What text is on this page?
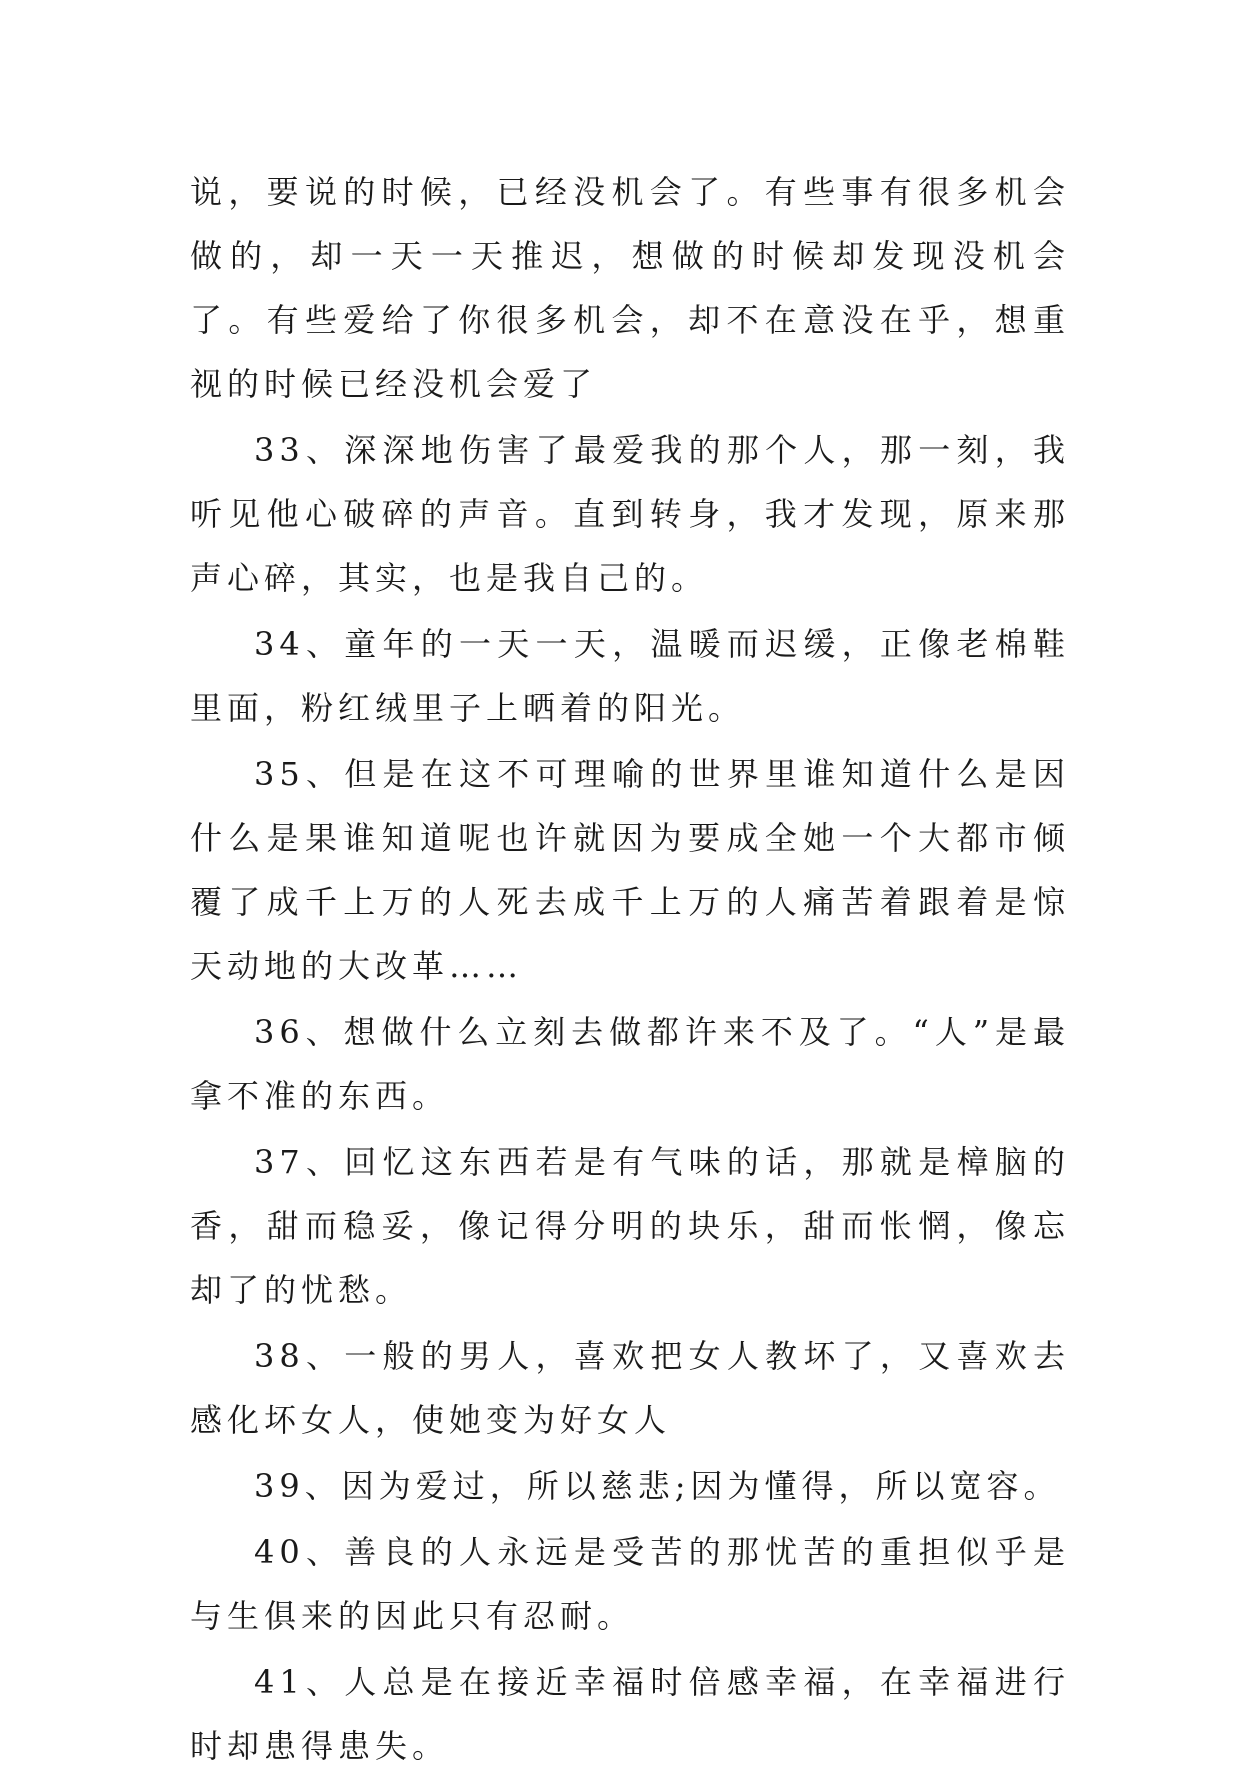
说，要说的时候，已经没机会了。有些事有很多机会做的，却一天一天推迟，想做的时候却发现没机会了。有些爱给了你很多机会，却不在意没在乎，想重视的时候已经没机会爱了

33、深深地伤害了最爱我的那个人，那一刻，我听见他心破碎的声音。直到转身，我才发现，原来那声心碎，其实，也是我自己的。

34、童年的一天一天，温暖而迟缓，正像老棉鞋里面，粉红绒里子上晒着的阳光。

35、但是在这不可理喻的世界里谁知道什么是因什么是果谁知道呢也许就因为要成全她一个大都市倾覆了成千上万的人死去成千上万的人痛苦着跟着是惊天动地的大改革……

36、想做什么立刻去做都许来不及了。“人”是最拿不准的东西。

37、回忆这东西若是有气味的话，那就是樟脑的香，甜而稳妥，像记得分明的块乐，甜而怅惘，像忘却了的忧愁。

38、一般的男人，喜欢把女人教坏了，又喜欢去感化坏女人，使她变为好女人

39、因为爱过，所以慈悲;因为懂得，所以宽容。

40、善良的人永远是受苦的那忧苦的重担似乎是与生俱来的因此只有忍耐。

41、人总是在接近幸福时倍感幸福，在幸福进行时却患得患失。
